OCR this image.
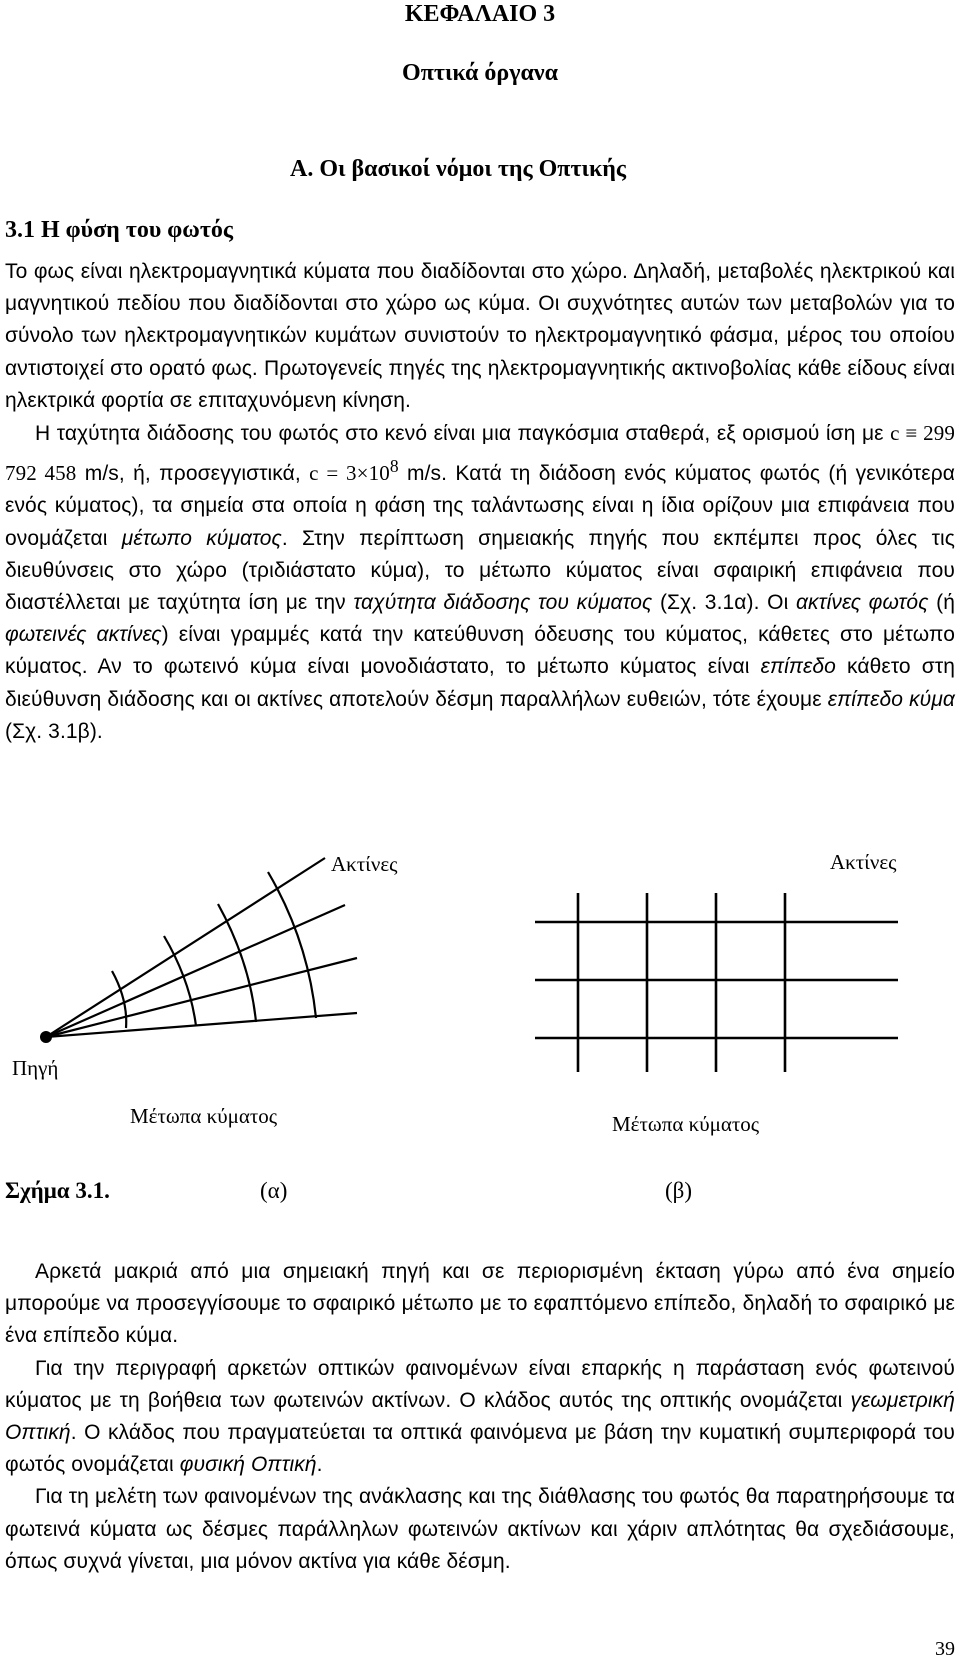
ΚΕΦΑΛΑΙΟ 3
Οπτικά όργανα
Α. Οι βασικοί νόμοι της Οπτικής
3.1 Η φύση του φωτός

Το φως είναι ηλεκτρομαγνητικά κύματα που διαδίδονται στο χώρο. Δηλαδή, μεταβολές ηλεκτρικού και μαγνητικού πεδίου που διαδίδονται στο χώρο ως κύμα. Οι συχνότητες αυτών των μεταβολών για το σύνολο των ηλεκτρομαγνητικών κυμάτων συνιστούν το ηλεκτρομαγνητικό φάσμα, μέρος του οποίου αντιστοιχεί στο ορατό φως. Πρωτογενείς πηγές της ηλεκτρομαγνητικής ακτινοβολίας κάθε είδους είναι ηλεκτρικά φορτία σε επιταχυνόμενη κίνηση.

Η ταχύτητα διάδοσης του φωτός στο κενό είναι μια παγκόσμια σταθερά, εξ ορισμού ίση με c ≡ 299 792 458 m/s, ή, προσεγγιστικά, $c = 3\times 10^8$ m/s. Κατά τη διάδοση ενός κύματος φωτός (ή γενικότερα ενός κύματος), τα σημεία στα οποία η φάση της ταλάντωσης είναι η ίδια ορίζουν μια επιφάνεια που ονομάζεται μέτωπο κύματος. Στην περίπτωση σημειακής πηγής που εκπέμπει προς όλες τις διευθύνσεις στο χώρο (τριδιάστατο κύμα), το μέτωπο κύματος είναι σφαιρική επιφάνεια που διαστέλλεται με ταχύτητα ίση με την ταχύτητα διάδοσης του κύματος (Σχ. 3.1α). Οι ακτίνες φωτός (ή φωτεινές ακτίνες) είναι γραμμές κατά την κατεύθυνση όδευσης του κύματος, κάθετες στο μέτωπο κύματος. Αν το φωτεινό κύμα είναι μονοδιάστατο, το μέτωπο κύματος είναι επίπεδο κάθετο στη διεύθυνση διάδοσης και οι ακτίνες αποτελούν δέσμη παραλλήλων ευθειών, τότε έχουμε επίπεδο κύμα (Σχ. 3.1β).

Ακτίνες
Πηγή
Μέτωπα κύματος
Ακτίνες
Μέτωπα κύματος
Σχήμα 3.1.	(α)	(β)

Αρκετά μακριά από μια σημειακή πηγή και σε περιορισμένη έκταση γύρω από ένα σημείο μπορούμε να προσεγγίσουμε το σφαιρικό μέτωπο με το εφαπτόμενο επίπεδο, δηλαδή το σφαιρικό με ένα επίπεδο κύμα.

Για την περιγραφή αρκετών οπτικών φαινομένων είναι επαρκής η παράσταση ενός φωτεινού κύματος με τη βοήθεια των φωτεινών ακτίνων. Ο κλάδος αυτός της οπτικής ονομάζεται γεωμετρική Οπτική. Ο κλάδος που πραγματεύεται τα οπτικά φαινόμενα με βάση την κυματική συμπεριφορά του φωτός ονομάζεται φυσική Οπτική.

Για τη μελέτη των φαινομένων της ανάκλασης και της διάθλασης του φωτός θα παρατηρήσουμε τα φωτεινά κύματα ως δέσμες παράλληλων φωτεινών ακτίνων και χάριν απλότητας θα σχεδιάσουμε, όπως συχνά γίνεται, μια μόνον ακτίνα για κάθε δέσμη.

39
